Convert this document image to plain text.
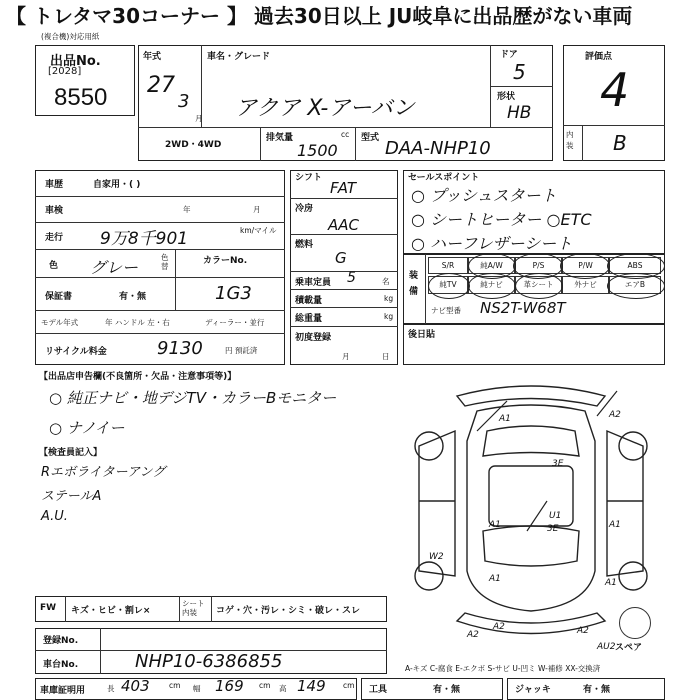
【 トレタマ30コーナー 】 過去30日以上 JU岐阜に出品歴がない車両
(複合機)対応用紙
出品No.
[2028]
8550
年式
27
3
月
車名・グレード
アクア X-アーバン
ドア
5
形状
HB
2WD・4WD
排気量	cc
1500
型式 DAA-NHP10
評価点
4
内装 B
車歴	自家用・( )
車検	年	月
走行 9万8千901	km/マイル
色 グレー
色替
カラーNo.
1G3
保証書	有・無
モデル年式	年 ハンドル 左・右	ディーラー・並行
リサイクル料金	9130	円 預託済
シフト
FAT
冷房
AAC
燃料
G
乗車定員 5	名
積載量	kg
総重量	kg
初度登録
月	日
セールスポイント
○ プッシュスタート
○ シートヒーター ○ETC
○ ハーフレザーシート
装備
S/R	純A/W	P/S	P/W	ABS
純TV	純ナビ	革シート	外ナビ	エアB
ナビ型番 NS2T-W68T
後日貼
【出品店申告欄(不良箇所・欠品・注意事項等)】
○ 純正ナビ・地デジTV・カラーBモニター
○ ナノイー
【検査員記入】
Rエボライターアング
ステールA
A.U.
A1	A2
3E
A1
U1
3E	A1
W2
A1	A1
A2
AU2
A2	A2
スペア
FW キズ・ヒビ・割レ×
シート内装	コゲ・穴・汚レ・シミ・破レ・スレ
登録No.
車台No.	NHP10-6386855	A-キズ C-腐食 E-エクボ S-サビ U-凹ミ W-補修 XX-交換済
車庫証明用	長 403	cm 幅 169 cm 高 149 cm 工具	有・無	ジャッキ	有・無
